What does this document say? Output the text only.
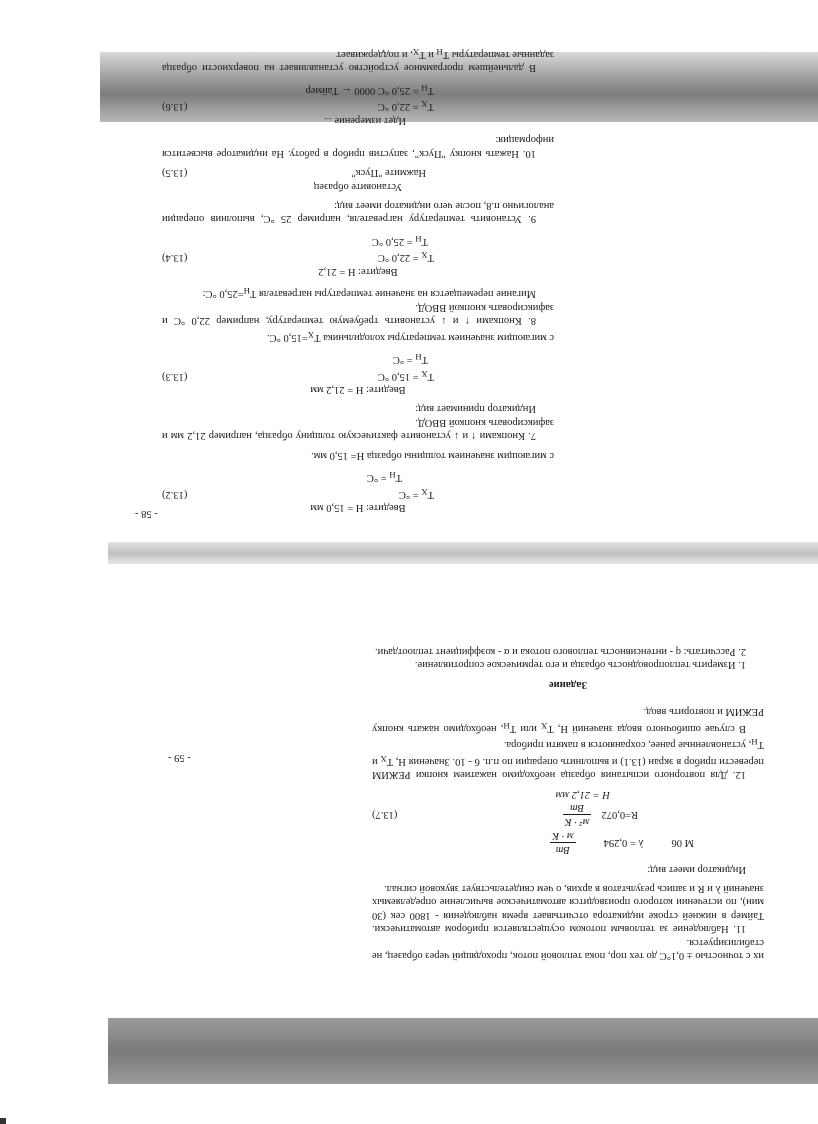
Введите: H = 15,0 мм

$T_X = ^\circ C$
(13.2)

$T_H = ^\circ C$

с мигающим значением толщины образца H= 15,0 мм.

7. Кнопками ↑ и ↓ установите фактическую толщину образца, например 21,2 мм и зафиксировать кнопкой ВВОД.

Индикатор принимает вид:

Введите: H = 21,2 мм

$T_X = 15,0$ °C
(13.3)

$T_H = ^\circ C$

с мигающим значением температуры холодильника $T_X=15,0$ °C.

8. Кнопками ↑ и ↓ установить требуемую температуру, например 22,0 °C и зафиксировать кнопкой ВВОД.

Мигание перемещается на значение температуры нагревателя $T_H=25,0$ °C:

Введите: H = 21,2

$T_X = 22,0$ °C
(13.4)

$T_H = 25,0$ °C

9. Установить температуру нагревателя, например 25 °C, выполнив операции аналогично п.8, после чего индикатор имеет вид:

Установите образец

Нажмите "Пуск"
(13.5)

10. Нажать кнопку "Пуск", запустив прибор в работу. На индикаторе высветится информация:

Идет измерение ...

$T_X = 22,0$ °C
(13.6)

$T_H = 25,0$ °C 0000 ← Таймер

В дальнейшем программное устройство устанавливает на поверхности образца заданные температуры $T_H$ и $T_X$, и поддерживает

- 58 -

их с точностью ± 0,1°C до тех пор, пока тепловой поток, проходящий через образец, не стабилизируется.

11. Наблюдение за тепловым потоком осуществляется прибором автоматически. Таймер в нижней строке индикатора отсчитывает время наблюдения - 1800 сек (30 мин), по истечении которого производится автоматическое вычисление определяемых значений λ и R и запись результатов в архив, о чем свидетельствует звуковой сигнал.

Индикатор имеет вид:

M 06
λ = 0,294
Вт
м · K
R=0,072
м² · K
Вт
(13.7)

H = 21,2 мм

12. Для повторного испытания образца необходимо нажатием кнопки РЕЖИМ перевести прибор в экран (13.1) и выполнить операции по п.п. 6 - 10. Значения H, $T_X$ и $T_H$, установленные ранее, сохраняются в памяти прибора.

В случае ошибочного ввода значений H, $T_X$ или $T_H$, необходимо нажать кнопку РЕЖИМ и повторить ввод.

Задание

1. Измерить теплопроводность образца и его термическое сопротивление.

2. Рассчитать: q - интенсивность теплового потока и α - коэффициент теплоотдачи.

- 59 -
